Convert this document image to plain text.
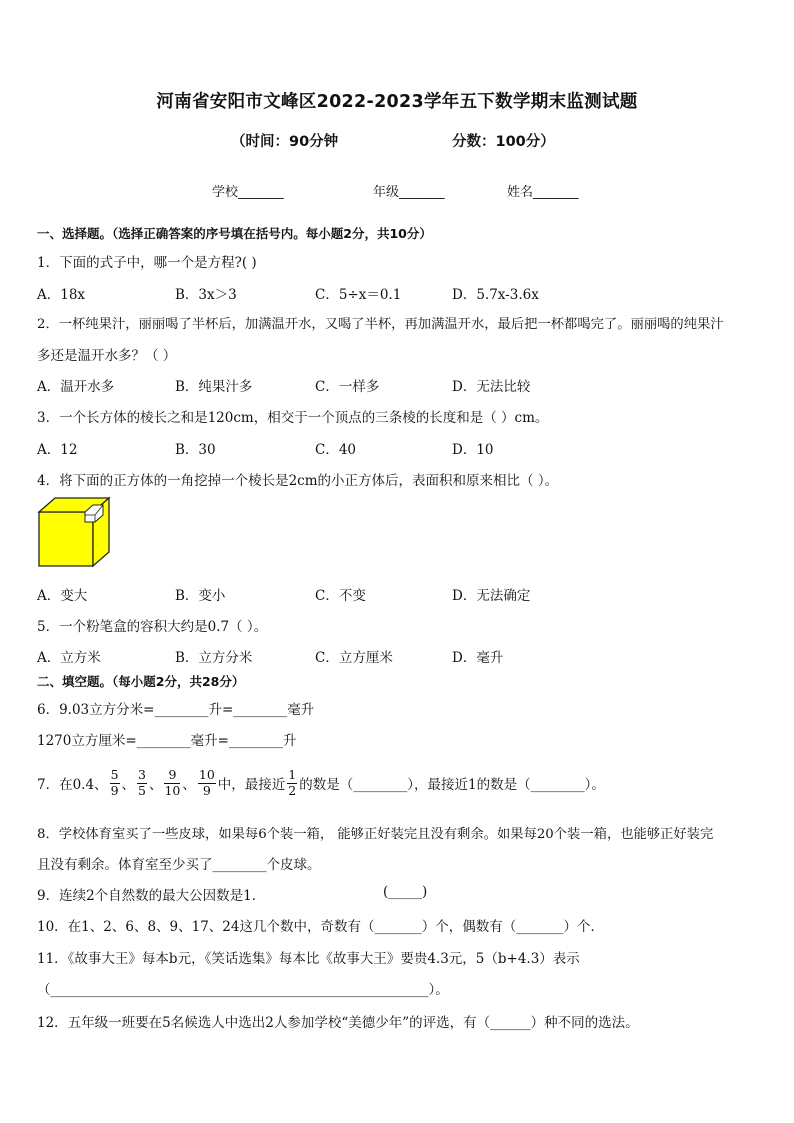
河南省安阳市文峰区2022-2023学年五下数学期末监测试题
（时间：90分钟	分数：100分）
学校_______	年级_______	姓名_______
一、选择题。（选择正确答案的序号填在括号内。每小题2分，共10分）
1．下面的式子中，哪一个是方程?( )
A．18x	B．3x＞3	C．5÷x＝0.1	D．5.7x-3.6x
2．一杯纯果汁，丽丽喝了半杯后，加满温开水，又喝了半杯，再加满温开水，最后把一杯都喝完了。丽丽喝的纯果汁
多还是温开水多？（ ）
A．温开水多	B．纯果汁多	C．一样多	D．无法比较
3．一个长方体的棱长之和是120cm，相交于一个顶点的三条棱的长度和是（ ）cm。
A．12	B．30	C．40	D．10
4．将下面的正方体的一角挖掉一个棱长是2cm的小正方体后，表面积和原来相比（ ）。
A．变大	B．变小	C．不变	D．无法确定
5．一个粉笔盒的容积大约是0.7（ ）。
A．立方米	B．立方分米	C．立方厘米	D．毫升
二、填空题。（每小题2分，共28分）
6．9.03立方分米=________升=________毫升
1270立方厘米=________毫升=________升
7．在0.4、 $\frac{5}{9}$ 、 $\frac{3}{5}$ 、 $\frac{9}{10}$ 、 $\frac{10}{9}$ 中，最接近 $\frac{1}{2}$ 的数是（________），最接近1的数是（________）。
8．学校体育室买了一些皮球，如果每6个装一箱， 能够正好装完且没有剩余。如果每20个装一箱，也能够正好装完
且没有剩余。体育室至少买了________个皮球。
9．连续2个自然数的最大公因数是1．	(_____)
10．在1、2、6、8、9、17、24这几个数中，奇数有（_______）个，偶数有（_______）个．
11．《故事大王》每本b元，《笑话选集》每本比《故事大王》要贵4.3元，5（b+4.3）表示
（________________________________________________________）。
12．五年级一班要在5名候选人中选出2人参加学校“美德少年”的评选，有（______）种不同的选法。
